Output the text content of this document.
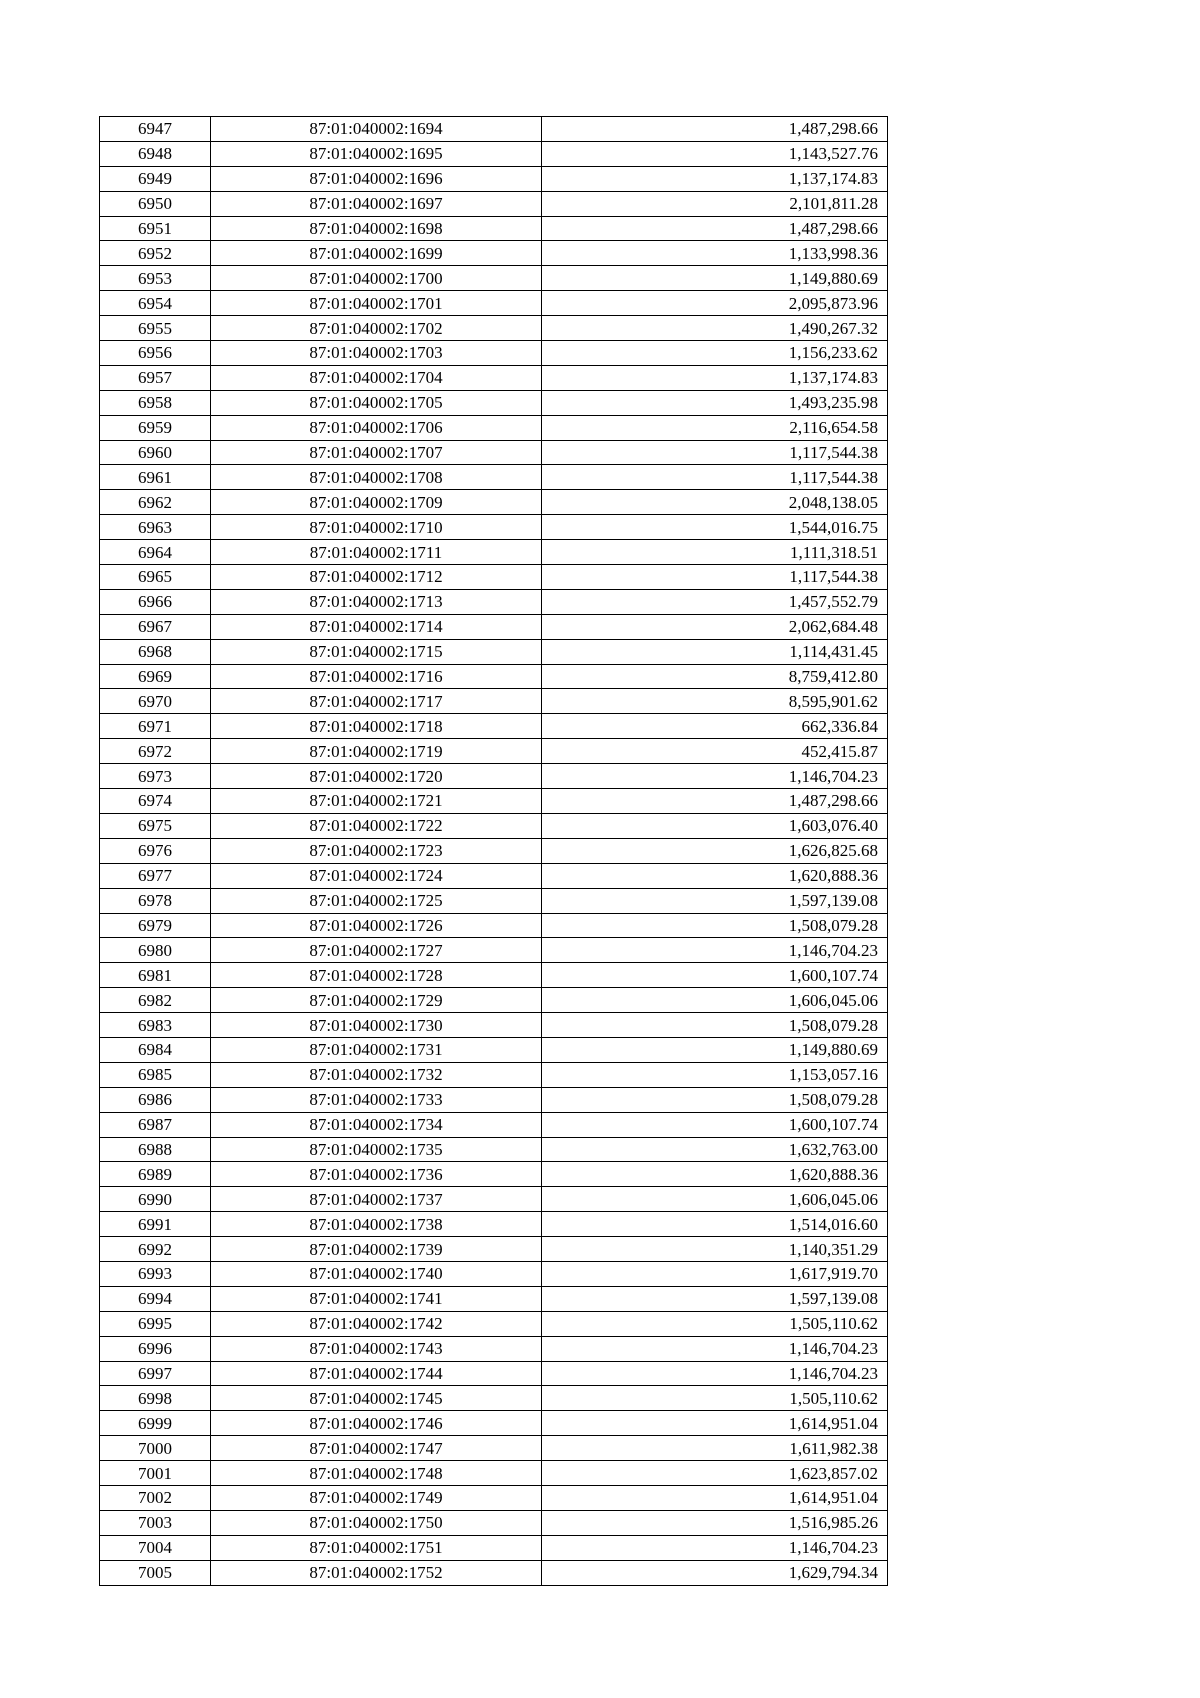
6947	87:01:040002:1694	1,487,298.66
6948	87:01:040002:1695	1,143,527.76
6949	87:01:040002:1696	1,137,174.83
6950	87:01:040002:1697	2,101,811.28
6951	87:01:040002:1698	1,487,298.66
6952	87:01:040002:1699	1,133,998.36
6953	87:01:040002:1700	1,149,880.69
6954	87:01:040002:1701	2,095,873.96
6955	87:01:040002:1702	1,490,267.32
6956	87:01:040002:1703	1,156,233.62
6957	87:01:040002:1704	1,137,174.83
6958	87:01:040002:1705	1,493,235.98
6959	87:01:040002:1706	2,116,654.58
6960	87:01:040002:1707	1,117,544.38
6961	87:01:040002:1708	1,117,544.38
6962	87:01:040002:1709	2,048,138.05
6963	87:01:040002:1710	1,544,016.75
6964	87:01:040002:1711	1,111,318.51
6965	87:01:040002:1712	1,117,544.38
6966	87:01:040002:1713	1,457,552.79
6967	87:01:040002:1714	2,062,684.48
6968	87:01:040002:1715	1,114,431.45
6969	87:01:040002:1716	8,759,412.80
6970	87:01:040002:1717	8,595,901.62
6971	87:01:040002:1718	662,336.84
6972	87:01:040002:1719	452,415.87
6973	87:01:040002:1720	1,146,704.23
6974	87:01:040002:1721	1,487,298.66
6975	87:01:040002:1722	1,603,076.40
6976	87:01:040002:1723	1,626,825.68
6977	87:01:040002:1724	1,620,888.36
6978	87:01:040002:1725	1,597,139.08
6979	87:01:040002:1726	1,508,079.28
6980	87:01:040002:1727	1,146,704.23
6981	87:01:040002:1728	1,600,107.74
6982	87:01:040002:1729	1,606,045.06
6983	87:01:040002:1730	1,508,079.28
6984	87:01:040002:1731	1,149,880.69
6985	87:01:040002:1732	1,153,057.16
6986	87:01:040002:1733	1,508,079.28
6987	87:01:040002:1734	1,600,107.74
6988	87:01:040002:1735	1,632,763.00
6989	87:01:040002:1736	1,620,888.36
6990	87:01:040002:1737	1,606,045.06
6991	87:01:040002:1738	1,514,016.60
6992	87:01:040002:1739	1,140,351.29
6993	87:01:040002:1740	1,617,919.70
6994	87:01:040002:1741	1,597,139.08
6995	87:01:040002:1742	1,505,110.62
6996	87:01:040002:1743	1,146,704.23
6997	87:01:040002:1744	1,146,704.23
6998	87:01:040002:1745	1,505,110.62
6999	87:01:040002:1746	1,614,951.04
7000	87:01:040002:1747	1,611,982.38
7001	87:01:040002:1748	1,623,857.02
7002	87:01:040002:1749	1,614,951.04
7003	87:01:040002:1750	1,516,985.26
7004	87:01:040002:1751	1,146,704.23
7005	87:01:040002:1752	1,629,794.34
